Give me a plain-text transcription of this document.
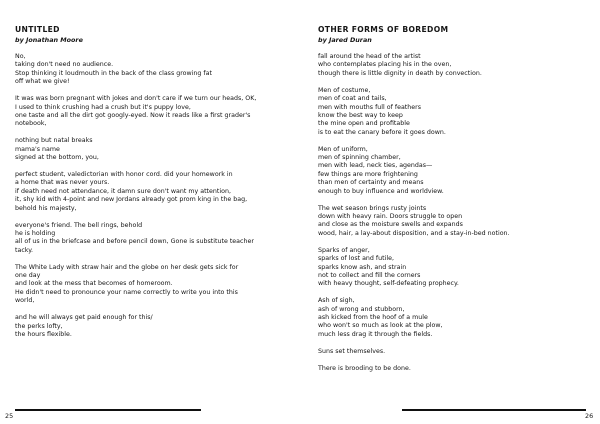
UNTITLED

by Jonathan Moore

No,
taking don't need no audience.
Stop thinking it loudmouth in the back of the class growing fat
off what we give!
It was was born pregnant with jokes and don't care if we turn our heads, OK,
I used to think crushing had a crush but it's puppy love,
one taste and all the dirt got googly-eyed. Now it reads like a first grader's
notebook,
nothing but natal breaks
mama's name
signed at the bottom, you,
perfect student, valedictorian with honor cord. did your homework in
a home that was never yours.
if death need not attendance, it damn sure don't want my attention,
it, shy kid with 4-point and new Jordans already got prom king in the bag,
behold his majesty,
everyone's friend. The bell rings, behold
he is holding
all of us in the briefcase and before pencil down, Gone is substitute teacher
tacky.
The White Lady with straw hair and the globe on her desk gets sick for
one day
and look at the mess that becomes of homeroom.
He didn't need to pronounce your name correctly to write you into this
world,
and he will always get paid enough for this/
the perks lofty,
the hours flexible.
OTHER FORMS OF BOREDOM

by Jared Duran

fall around the head of the artist
who contemplates placing his in the oven,
though there is little dignity in death by convection.
Men of costume,
men of coat and tails,
men with mouths full of feathers
know the best way to keep
the mine open and profitable
is to eat the canary before it goes down.
Men of uniform,
men of spinning chamber,
men with lead, neck ties, agendas—
few things are more frightening
than men of certainty and means
enough to buy influence and worldview.
The wet season brings rusty joints
down with heavy rain. Doors struggle to open
and close as the moisture swells and expands
wood, hair, a lay-about disposition, and a stay-in-bed notion.
Sparks of anger,
sparks of lost and futile,
sparks know ash, and strain
not to collect and fill the corners
with heavy thought, self-defeating prophecy.
Ash of sigh,
ash of wrong and stubborn,
ash kicked from the hoof of a mule
who won't so much as look at the plow,
much less drag it through the fields.
Suns set themselves.
There is brooding to be done.
25	26
